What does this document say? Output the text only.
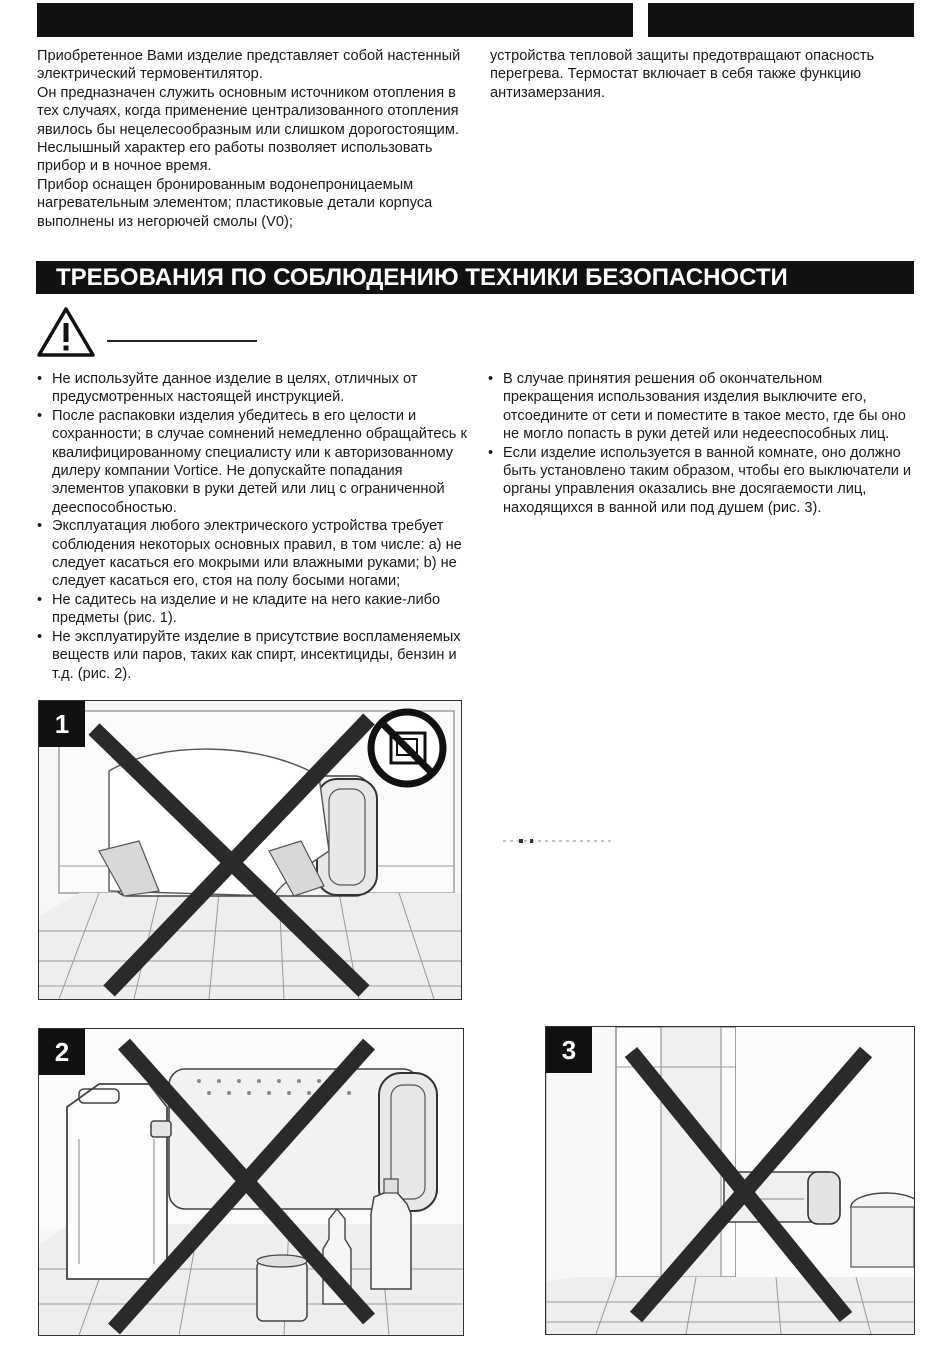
Приобретенное Вами изделие представляет собой настенный электрический термовентилятор.

Он предназначен служить основным источником отопления в тех случаях, когда применение централизованного отопления явилось бы нецелесообразным или слишком дорогостоящим.

Неслышный характер его работы позволяет использовать прибор и в ночное время.

Прибор оснащен бронированным водонепроницаемым нагревательным элементом; пластиковые детали корпуса выполнены из негорючей смолы (V0);

устройства тепловой защиты предотвращают опасность перегрева. Термостат включает в себя также функцию антизамерзания.

ТРЕБОВАНИЯ ПО СОБЛЮДЕНИЮ ТЕХНИКИ БЕЗОПАСНОСТИ
• Не используйте данное изделие в целях, отличных от предусмотренных настоящей инструкцией.
• После распаковки изделия убедитесь в его целости и сохранности; в случае сомнений немедленно обращайтесь к квалифицированному специалисту или к авторизованному дилеру компании Vortice. Не допускайте попадания элементов упаковки в руки детей или лиц с ограниченной дееспособностью.
• Эксплуатация любого электрического устройства требует соблюдения некоторых основных правил, в том числе: a) не следует касаться его мокрыми или влажными руками; b) не следует касаться его, стоя на полу босыми ногами;
• Не садитесь на изделие и не кладите на него какие-либо предметы (рис. 1).
• Не эксплуатируйте изделие в присутствие воспламеняемых веществ или паров, таких как спирт, инсектициды, бензин и т.д. (рис. 2).
• В случае принятия решения об окончательном прекращения использования изделия выключите его, отсоедините от сети и поместите в такое место, где бы оно не могло попасть в руки детей или недееспособных лиц.
• Если изделие используется в ванной комнате, оно должно быть установлено таким образом, чтобы его выключатели и органы управления оказались вне досягаемости лиц, находящихся в ванной или под душем (рис. 3).
1
2	3
